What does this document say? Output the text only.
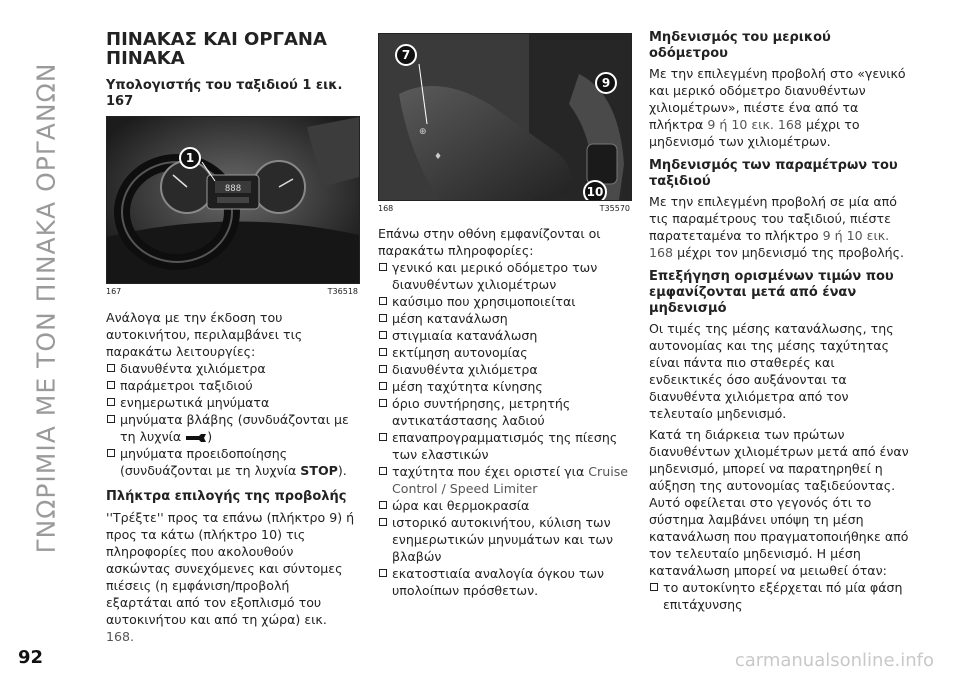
ΓΝΩΡΙΜΙΑ ΜΕ ΤΟΝ ΠΙΝΑΚΑ ΟΡΓΑΝΩΝ
ΠΙΝΑΚΑΣ ΚΑΙ ΟΡΓΑΝΑ
ΠΙΝΑΚΑ
Υπολογιστής του ταξιδιού 1 εικ. 167
888
1
167	T36518

Ανάλογα με την έκδοση του αυτοκινήτου, περιλαμβάνει τις παρακάτω λειτουργίες:

διανυθέντα χιλιόμετρα
παράμετροι ταξιδιού
ενημερωτικά μηνύματα
μηνύματα βλάβης (συνδυάζονται με τη λυχνία )
μηνύματα προειδοποίησης (συνδυάζονται με τη λυχνία STOP).
Πλήκτρα επιλογής της προβολής

''Τρέξτε'' προς τα επάνω (πλήκτρο 9) ή προς τα κάτω (πλήκτρο 10) τις πληροφορίες που ακολουθούν ασκώντας συνεχόμενες και σύντομες πιέσεις (η εμφάνιση/προβολή εξαρτάται από τον εξοπλισμό του αυτοκινήτου και από τη χώρα) εικ. 168.

⊕
♦
7
9
10
168	T35570

Επάνω στην οθόνη εμφανίζονται οι παρακάτω πληροφορίες:

γενικό και μερικό οδόμετρο των διανυθέντων χιλιομέτρων
καύσιμο που χρησιμοποιείται
μέση κατανάλωση
στιγμιαία κατανάλωση
εκτίμηση αυτονομίας
διανυθέντα χιλιόμετρα
μέση ταχύτητα κίνησης
όριο συντήρησης, μετρητής αντικατάστασης λαδιού
επαναπρογραμματισμός της πίεσης των ελαστικών
ταχύτητα που έχει οριστεί για Cruise Control / Speed Limiter
ώρα και θερμοκρασία
ιστορικό αυτοκινήτου, κύλιση των ενημερωτικών μηνυμάτων και των βλαβών
εκατοστιαία αναλογία όγκου των υπολοίπων πρόσθετων.
Μηδενισμός του μερικού οδόμετρου

Με την επιλεγμένη προβολή στο «γενικό και μερικό οδόμετρο διανυθέντων χιλιομέτρων», πιέστε ένα από τα πλήκτρα 9 ή 10 εικ. 168 μέχρι το μηδενισμό των χιλιομέτρων.

Μηδενισμός των παραμέτρων του ταξιδιού

Με την επιλεγμένη προβολή σε μία από τις παραμέτρους του ταξιδιού, πιέστε παρατεταμένα το πλήκτρο 9 ή 10 εικ. 168 μέχρι τον μηδενισμό της προβολής.

Επεξήγηση ορισμένων τιμών που εμφανίζονται μετά από έναν μηδενισμό

Οι τιμές της μέσης κατανάλωσης, της αυτονομίας και της μέσης ταχύτητας είναι πάντα πιο σταθερές και ενδεικτικές όσο αυξάνονται τα διανυθέντα χιλιόμετρα από τον τελευταίο μηδενισμό.

Κατά τη διάρκεια των πρώτων διανυθέντων χιλιομέτρων μετά από έναν μηδενισμό, μπορεί να παρατηρηθεί η αύξηση της αυτονομίας ταξιδεύοντας. Αυτό οφείλεται στο γεγονός ότι το σύστημα λαμβάνει υπόψη τη μέση κατανάλωση που πραγματοποιήθηκε από τον τελευταίο μηδενισμό. Η μέση κατανάλωση μπορεί να μειωθεί όταν:

το αυτοκίνητο εξέρχεται πό μία φάση επιτάχυνσης
92	carmanualsonline.info
